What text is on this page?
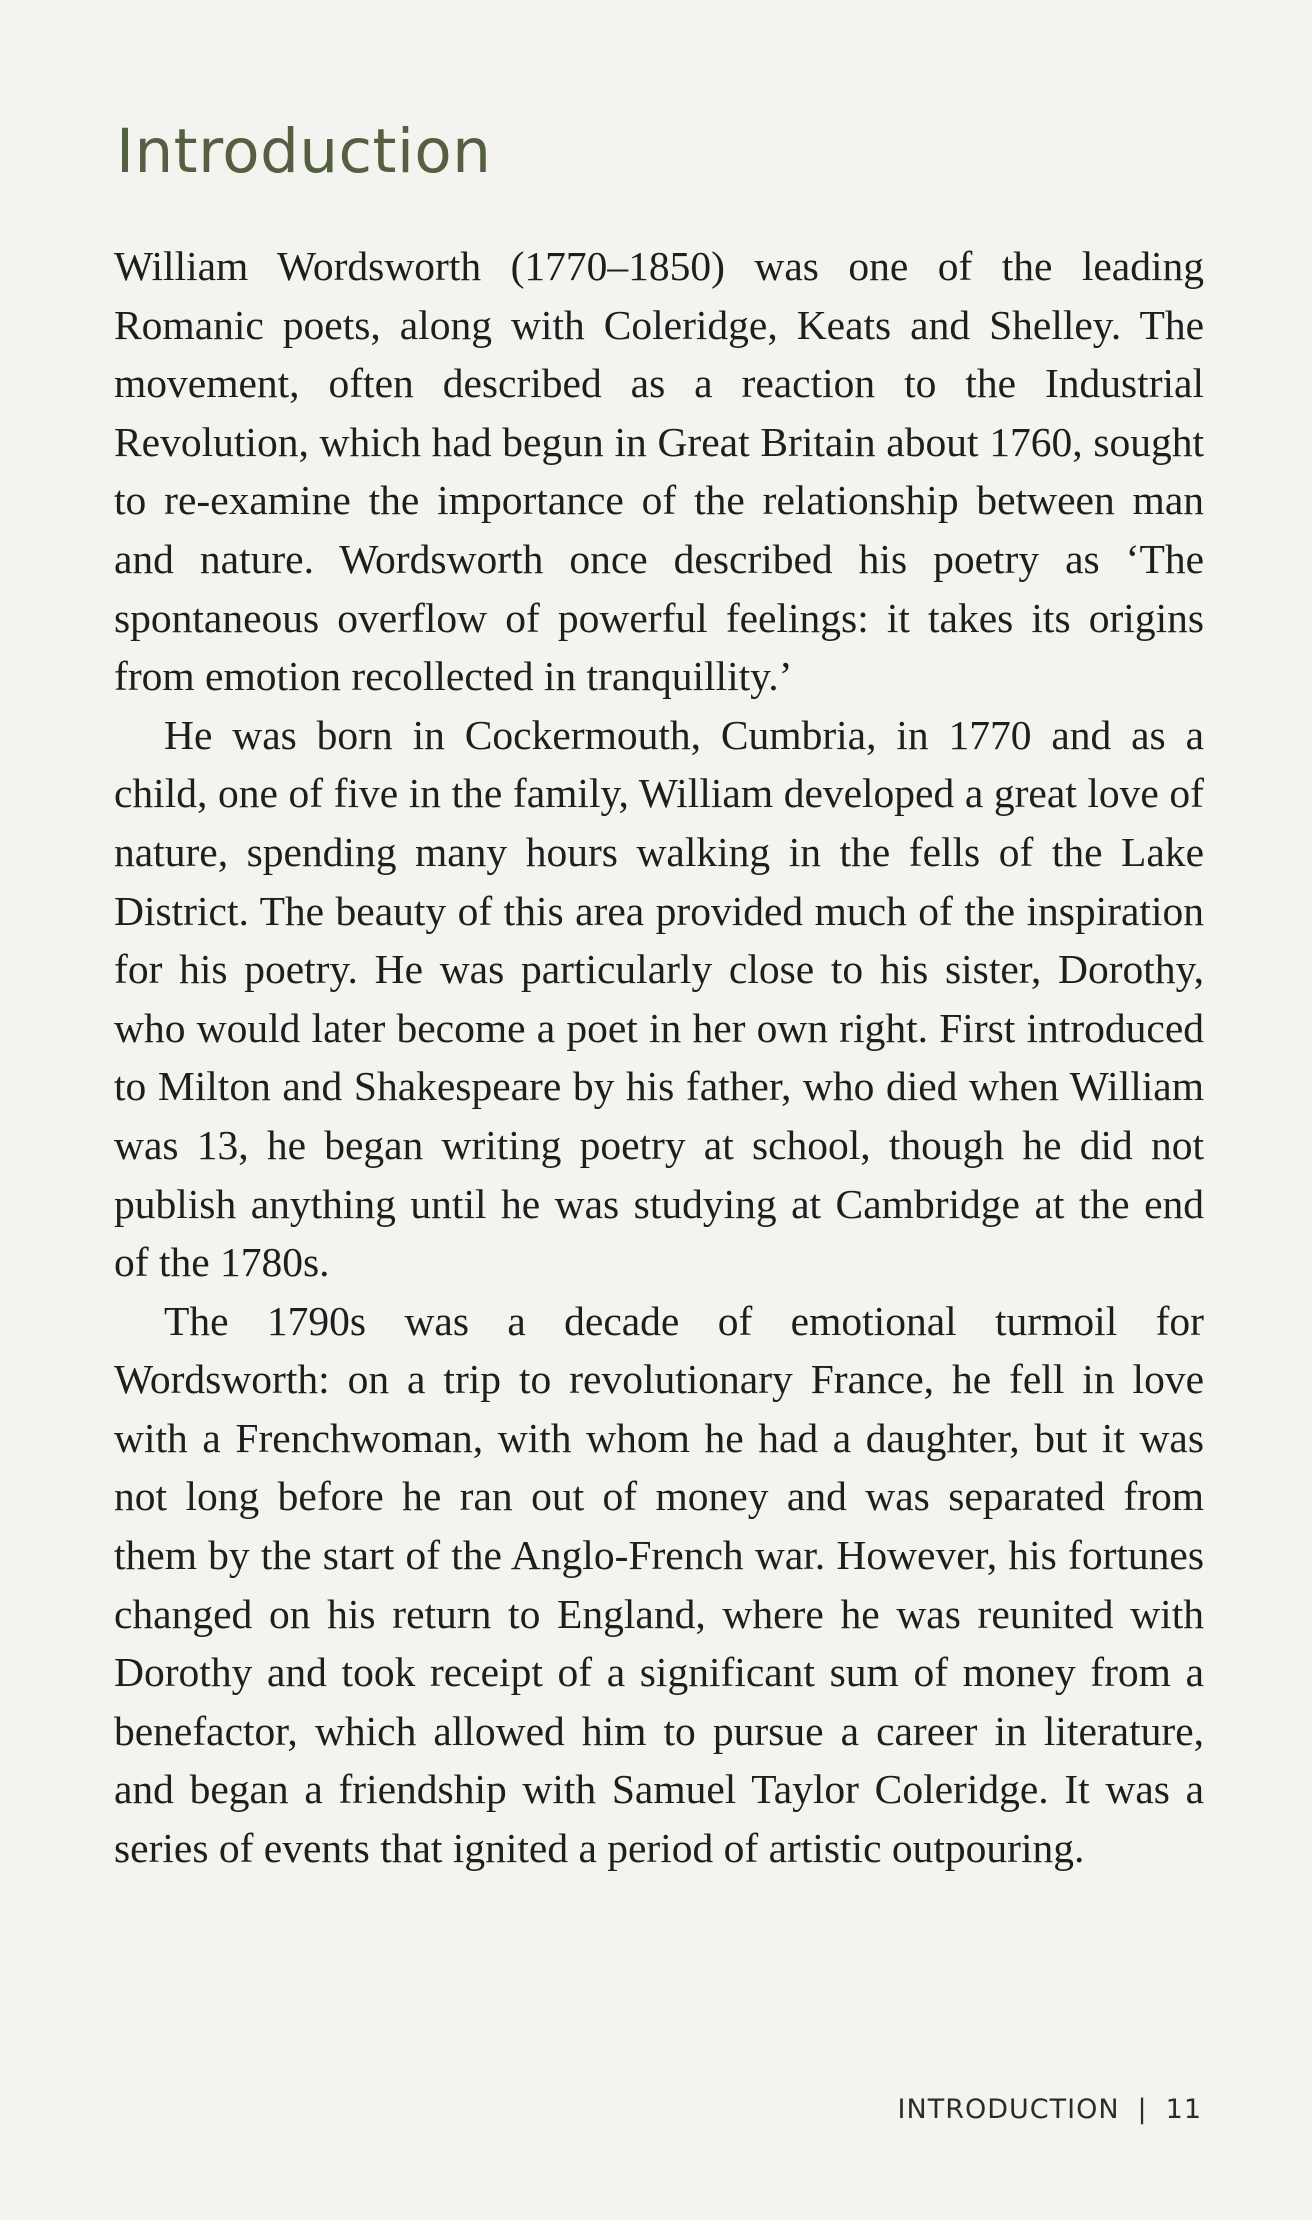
Introduction

William Wordsworth (1770–1850) was one of the leading Romanic poets, along with Coleridge, Keats and Shelley. The movement, often described as a reaction to the Industrial Revolution, which had begun in Great Britain about 1760, sought to re-examine the importance of the relationship between man and nature. Wordsworth once described his poetry as ‘The spontaneous overflow of powerful feelings: it takes its origins from emotion recollected in tranquillity.’

He was born in Cockermouth, Cumbria, in 1770 and as a child, one of five in the family, William developed a great love of nature, spending many hours walking in the fells of the Lake District. The beauty of this area provided much of the inspiration for his poetry. He was particularly close to his sister, Dorothy, who would later become a poet in her own right. First introduced to Milton and Shakespeare by his father, who died when William was 13, he began writing poetry at school, though he did not publish anything until he was studying at Cambridge at the end of the 1780s.

The 1790s was a decade of emotional turmoil for Wordsworth: on a trip to revolutionary France, he fell in love with a Frenchwoman, with whom he had a daughter, but it was not long before he ran out of money and was separated from them by the start of the Anglo-French war. However, his fortunes changed on his return to England, where he was reunited with Dorothy and took receipt of a significant sum of money from a benefactor, which allowed him to pursue a career in literature, and began a friendship with Samuel Taylor Coleridge. It was a series of events that ignited a period of artistic outpouring.

INTRODUCTION | 11
